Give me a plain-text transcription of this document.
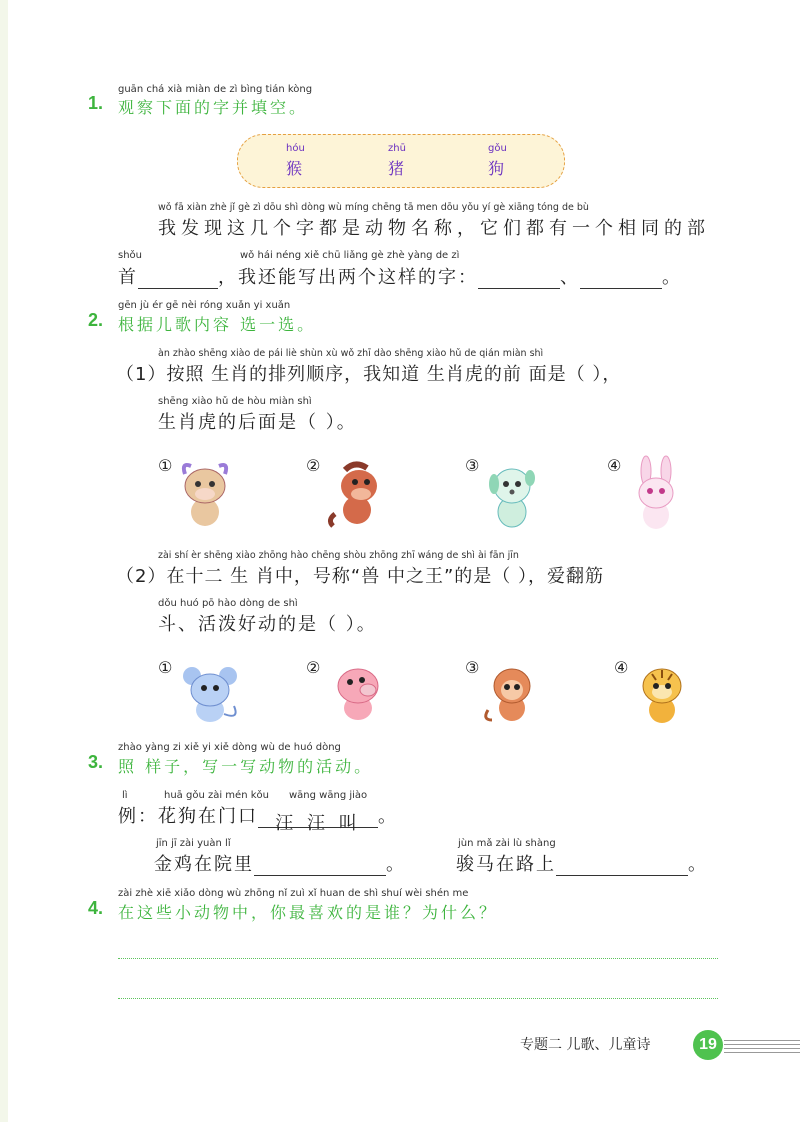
guān chá xià miàn de zì bìng tián kòng
1. 观察下面的字并填空。
hóu
猴
zhū
猪
gǒu
狗
wǒ fā xiàn zhè jǐ gè zì dōu shì dòng wù míng chēng tā men dōu yǒu yí gè xiāng tóng de bù
我发现这几个字都是动物名称，它们都有一个相同的部
shǒu	wǒ hái néng xiě chū liǎng gè zhè yàng de zì
首	，我还能写出两个这样的字：	、	。
gēn jù ér gē nèi róng xuǎn yi xuǎn
2. 根据儿歌内容 选一选。
àn zhào shēng xiào de pái liè shùn xù wǒ zhī dào shēng xiào hǔ de qián miàn shì
（1）按照 生肖的排列顺序，我知道 生肖虎的前 面是（ ），
shēng xiào hǔ de hòu miàn shì
生肖虎的后面是（ ）。
①	②	③	④
zài shí èr shēng xiào zhōng hào chēng shòu zhōng zhī wáng de shì ài fān jīn
（2）在十二 生 肖中，号称“兽 中之王”的是（ ），爱翻筋
dǒu huó pō hào dòng de shì
斗、活泼好动的是（ ）。
①	②	③	④
zhào yàng zi xiě yi xiě dòng wù de huó dòng
3. 照 样子，写一写动物的活动。
lì	huā gǒu zài mén kǒu wāng wāng jiào
例：花狗在门口 汪 汪 叫 。
jīn jī zài yuàn lǐ
金鸡在院里	。
jùn mǎ zài lù shàng
骏马在路上	。
zài zhè xiē xiǎo dòng wù zhōng nǐ zuì xǐ huan de shì shuí wèi shén me
4. 在这些小动物中，你最喜欢的是谁？为什么？
专题二 儿歌、儿童诗	19
